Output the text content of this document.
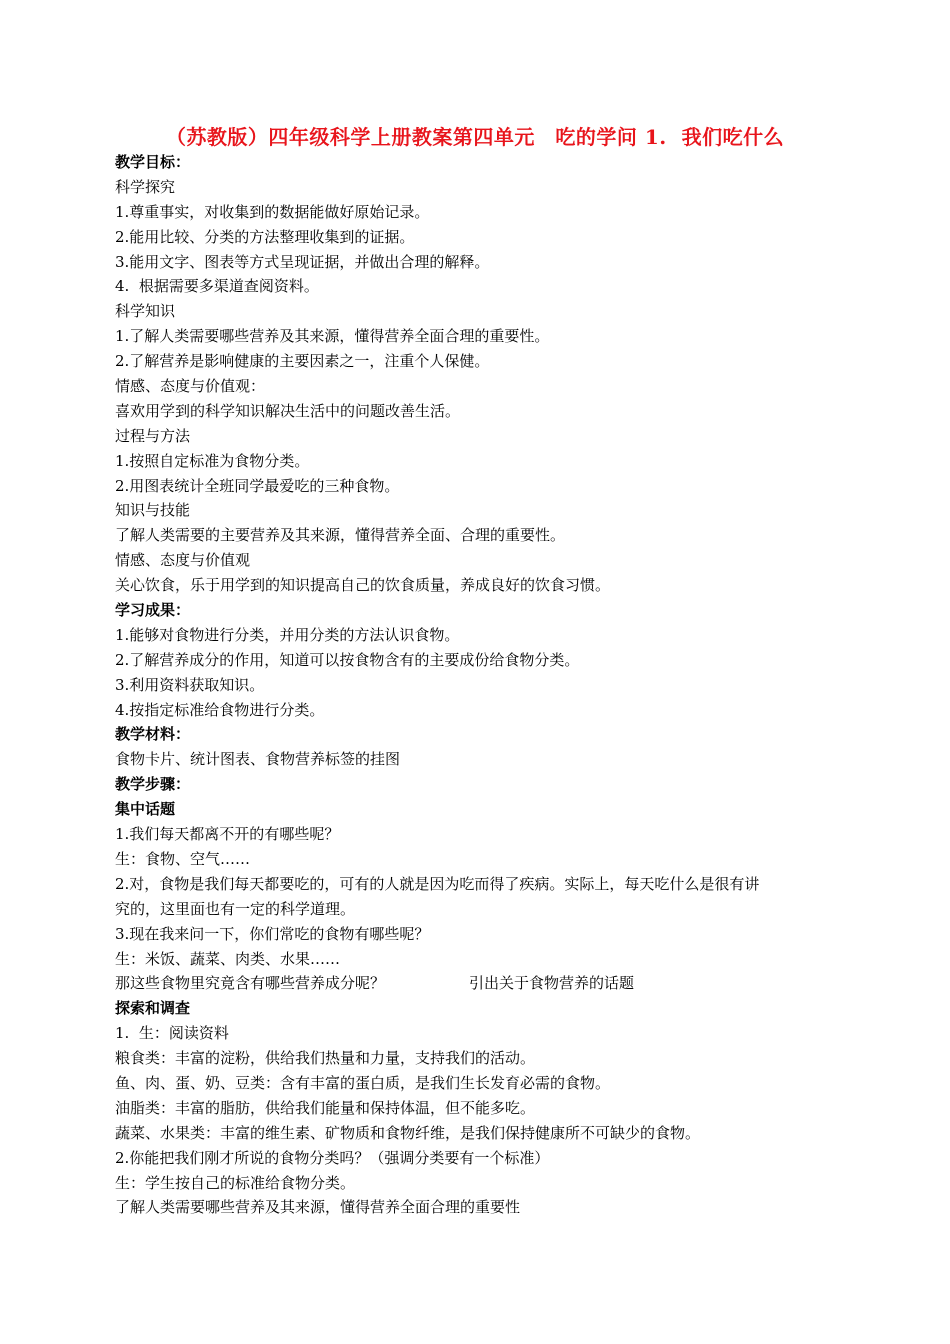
（苏教版）四年级科学上册教案第四单元　吃的学问 1.  我们吃什么
教学目标：
科学探究
1.尊重事实，对收集到的数据能做好原始记录。
2.能用比较、分类的方法整理收集到的证据。
3.能用文字、图表等方式呈现证据，并做出合理的解释。
4.  根据需要多渠道查阅资料。
科学知识
1.了解人类需要哪些营养及其来源，懂得营养全面合理的重要性。
2.了解营养是影响健康的主要因素之一，注重个人保健。
情感、态度与价值观：
喜欢用学到的科学知识解决生活中的问题改善生活。
过程与方法
1.按照自定标准为食物分类。
2.用图表统计全班同学最爱吃的三种食物。
知识与技能
了解人类需要的主要营养及其来源，懂得营养全面、合理的重要性。
情感、态度与价值观
关心饮食，乐于用学到的知识提高自己的饮食质量，养成良好的饮食习惯。
学习成果：
1.能够对食物进行分类，并用分类的方法认识食物。
2.了解营养成分的作用，知道可以按食物含有的主要成份给食物分类。
3.利用资料获取知识。
4.按指定标准给食物进行分类。
教学材料：
食物卡片、统计图表、食物营养标签的挂图
教学步骤：
集中话题
1.我们每天都离不开的有哪些呢？
生：食物、空气……
2.对，食物是我们每天都要吃的，可有的人就是因为吃而得了疾病。实际上，每天吃什么是很有讲
究的，这里面也有一定的科学道理。
3.现在我来问一下，你们常吃的食物有哪些呢？
生：米饭、蔬菜、肉类、水果……
那这些食物里究竟含有哪些营养成分呢？	引出关于食物营养的话题
探索和调查
1.  生：阅读资料
粮食类：丰富的淀粉，供给我们热量和力量，支持我们的活动。
鱼、肉、蛋、奶、豆类：含有丰富的蛋白质，是我们生长发育必需的食物。
油脂类：丰富的脂肪，供给我们能量和保持体温，但不能多吃。
蔬菜、水果类：丰富的维生素、矿物质和食物纤维，是我们保持健康所不可缺少的食物。
2.你能把我们刚才所说的食物分类吗？（强调分类要有一个标准）
生：学生按自己的标准给食物分类。
了解人类需要哪些营养及其来源，懂得营养全面合理的重要性
